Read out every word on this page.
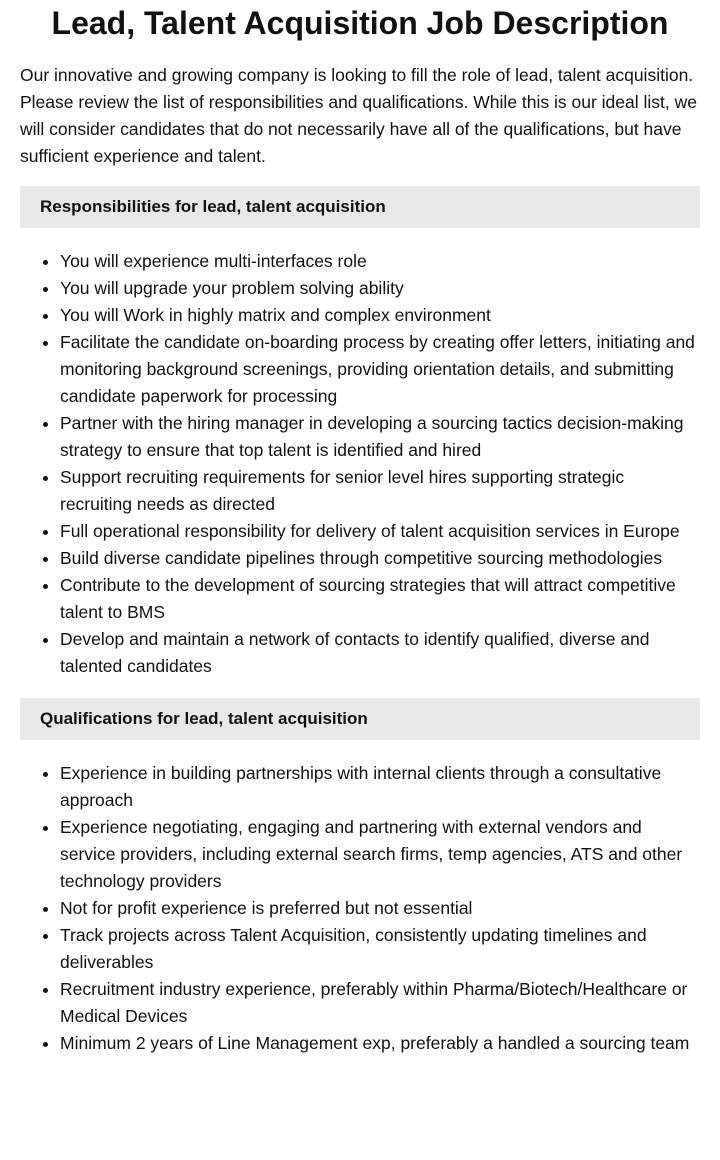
Lead, Talent Acquisition Job Description

Our innovative and growing company is looking to fill the role of lead, talent acquisition. Please review the list of responsibilities and qualifications. While this is our ideal list, we will consider candidates that do not necessarily have all of the qualifications, but have sufficient experience and talent.

Responsibilities for lead, talent acquisition
• You will experience multi-interfaces role
• You will upgrade your problem solving ability
• You will Work in highly matrix and complex environment
• Facilitate the candidate on-boarding process by creating offer letters, initiating and monitoring background screenings, providing orientation details, and submitting candidate paperwork for processing
• Partner with the hiring manager in developing a sourcing tactics decision-making strategy to ensure that top talent is identified and hired
• Support recruiting requirements for senior level hires supporting strategic recruiting needs as directed
• Full operational responsibility for delivery of talent acquisition services in Europe
• Build diverse candidate pipelines through competitive sourcing methodologies
• Contribute to the development of sourcing strategies that will attract competitive talent to BMS
• Develop and maintain a network of contacts to identify qualified, diverse and talented candidates
Qualifications for lead, talent acquisition
• Experience in building partnerships with internal clients through a consultative approach
• Experience negotiating, engaging and partnering with external vendors and service providers, including external search firms, temp agencies, ATS and other technology providers
• Not for profit experience is preferred but not essential
• Track projects across Talent Acquisition, consistently updating timelines and deliverables
• Recruitment industry experience, preferably within Pharma/Biotech/Healthcare or Medical Devices
• Minimum 2 years of Line Management exp, preferably a handled a sourcing team
